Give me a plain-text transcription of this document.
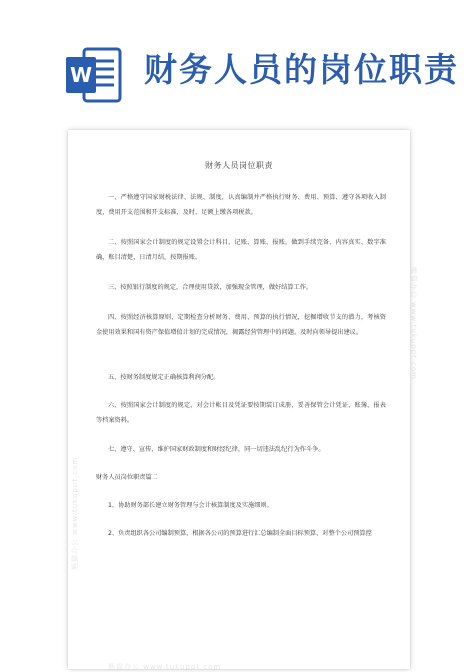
W 财务人员的岗位职责
财务人员岗位职责
一、严格遵守国家财税法律、法规、制度，认真编制并严格执行财务、费用、预算、遵守各项收入制度，费用开支范围和开支标准，及时、足额上缴各项税款。
二、按照国家会计制度的规定设置会计科目，记账、算账、报账，做到手续完备、内容真实、数字准确、账目清楚，日清月结，按期报账。
三、按照银行制度的规定，合理使用贷款，加强现金管理，做好结算工作。
四、按照经济核算原则，定期检查分析财务、费用、预算的执行情况，挖掘增收节支的潜力，考核资金使用效果和国有资产保值增值计划的完成情况，揭露经营管理中的问题，及时向领导提出建议。
五、按财务制度规定正确核算利润分配。
六、按照国家会计制度的规定，对会计帐目及凭证要按期装订成册，妥善保管会计凭证、账簿、报表等档案资料。
七、遵守、宣传、维护国家财政制度和财经纪律，同一切违法乱纪行为作斗争。
财务人员岗位职责篇二
1、协助财务部长建立财务管理与会计核算制度及实施细则。
2、负责组织各公司编制预算，根据各公司的预算进行汇总编制全面目标预算，对整个公司预算控
熊猫办公 www.tukuppt.com
熊猫办公 www.tukuppt.com
熊猫办公 www.tukuppt.com
